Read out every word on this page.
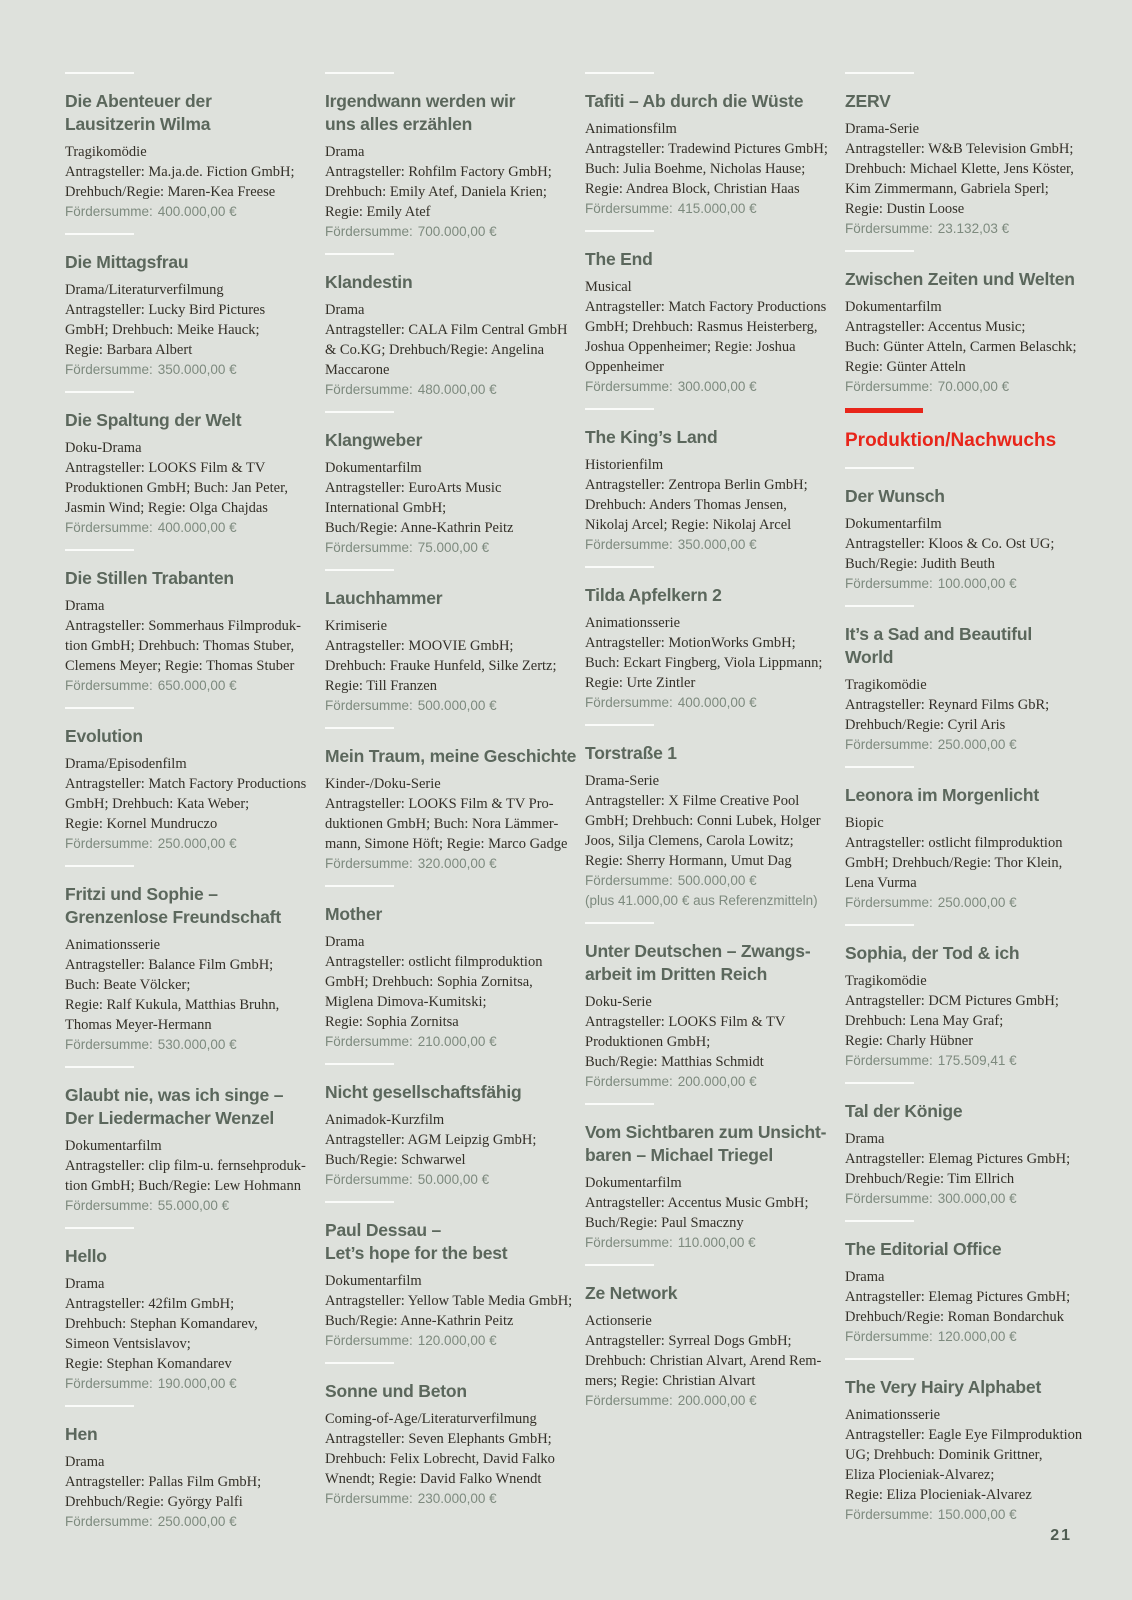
Die Abenteuer der
Lausitzerin Wilma
Tragikomödie
Antragsteller: Ma.ja.de. Fiction GmbH;
Drehbuch/Regie: Maren-Kea Freese
Fördersumme: 400.000,00 €
Die Mittagsfrau
Drama/Literaturverfilmung
Antragsteller: Lucky Bird Pictures
GmbH; Drehbuch: Meike Hauck;
Regie: Barbara Albert
Fördersumme: 350.000,00 €
Die Spaltung der Welt
Doku-Drama
Antragsteller: LOOKS Film & TV
Produktionen GmbH; Buch: Jan Peter,
Jasmin Wind; Regie: Olga Chajdas
Fördersumme: 400.000,00 €
Die Stillen Trabanten
Drama
Antragsteller: Sommerhaus Filmproduk-
tion GmbH; Drehbuch: Thomas Stuber,
Clemens Meyer; Regie: Thomas Stuber
Fördersumme: 650.000,00 €
Evolution
Drama/Episodenfilm
Antragsteller: Match Factory Productions
GmbH; Drehbuch: Kata Weber;
Regie: Kornel Mundruczo
Fördersumme: 250.000,00 €
Fritzi und Sophie –
Grenzenlose Freundschaft
Animationsserie
Antragsteller: Balance Film GmbH;
Buch: Beate Völcker;
Regie: Ralf Kukula, Matthias Bruhn,
Thomas Meyer-Hermann
Fördersumme: 530.000,00 €
Glaubt nie, was ich singe –
Der Liedermacher Wenzel
Dokumentarfilm
Antragsteller: clip film-u. fernsehproduk-
tion GmbH; Buch/Regie: Lew Hohmann
Fördersumme: 55.000,00 €
Hello
Drama
Antragsteller: 42film GmbH;
Drehbuch: Stephan Komandarev,
Simeon Ventsislavov;
Regie: Stephan Komandarev
Fördersumme: 190.000,00 €
Hen
Drama
Antragsteller: Pallas Film GmbH;
Drehbuch/Regie: György Palfi
Fördersumme: 250.000,00 €
Irgendwann werden wir
uns alles erzählen
Drama
Antragsteller: Rohfilm Factory GmbH;
Drehbuch: Emily Atef, Daniela Krien;
Regie: Emily Atef
Fördersumme: 700.000,00 €
Klandestin
Drama
Antragsteller: CALA Film Central GmbH
& Co.KG; Drehbuch/Regie: Angelina
Maccarone
Fördersumme: 480.000,00 €
Klangweber
Dokumentarfilm
Antragsteller: EuroArts Music
International GmbH;
Buch/Regie: Anne-Kathrin Peitz
Fördersumme: 75.000,00 €
Lauchhammer
Krimiserie
Antragsteller: MOOVIE GmbH;
Drehbuch: Frauke Hunfeld, Silke Zertz;
Regie: Till Franzen
Fördersumme: 500.000,00 €
Mein Traum, meine Geschichte
Kinder-/Doku-Serie
Antragsteller: LOOKS Film & TV Pro-
duktionen GmbH; Buch: Nora Lämmer-
mann, Simone Höft; Regie: Marco Gadge
Fördersumme: 320.000,00 €
Mother
Drama
Antragsteller: ostlicht filmproduktion
GmbH; Drehbuch: Sophia Zornitsa,
Miglena Dimova-Kumitski;
Regie: Sophia Zornitsa
Fördersumme: 210.000,00 €
Nicht gesellschaftsfähig
Animadok-Kurzfilm
Antragsteller: AGM Leipzig GmbH;
Buch/Regie: Schwarwel
Fördersumme: 50.000,00 €
Paul Dessau –
Let’s hope for the best
Dokumentarfilm
Antragsteller: Yellow Table Media GmbH;
Buch/Regie: Anne-Kathrin Peitz
Fördersumme: 120.000,00 €
Sonne und Beton
Coming-of-Age/Literaturverfilmung
Antragsteller: Seven Elephants GmbH;
Drehbuch: Felix Lobrecht, David Falko
Wnendt; Regie: David Falko Wnendt
Fördersumme: 230.000,00 €
Tafiti – Ab durch die Wüste
Animationsfilm
Antragsteller: Tradewind Pictures GmbH;
Buch: Julia Boehme, Nicholas Hause;
Regie: Andrea Block, Christian Haas
Fördersumme: 415.000,00 €
The End
Musical
Antragsteller: Match Factory Productions
GmbH; Drehbuch: Rasmus Heisterberg,
Joshua Oppenheimer; Regie: Joshua
Oppenheimer
Fördersumme: 300.000,00 €
The King’s Land
Historienfilm
Antragsteller: Zentropa Berlin GmbH;
Drehbuch: Anders Thomas Jensen,
Nikolaj Arcel; Regie: Nikolaj Arcel
Fördersumme: 350.000,00 €
Tilda Apfelkern 2
Animationsserie
Antragsteller: MotionWorks GmbH;
Buch: Eckart Fingberg, Viola Lippmann;
Regie: Urte Zintler
Fördersumme: 400.000,00 €
Torstraße 1
Drama-Serie
Antragsteller: X Filme Creative Pool
GmbH; Drehbuch: Conni Lubek, Holger
Joos, Silja Clemens, Carola Lowitz;
Regie: Sherry Hormann, Umut Dag
Fördersumme: 500.000,00 €
(plus 41.000,00 € aus Referenzmitteln)
Unter Deutschen – Zwangs-
arbeit im Dritten Reich
Doku-Serie
Antragsteller: LOOKS Film & TV
Produktionen GmbH;
Buch/Regie: Matthias Schmidt
Fördersumme: 200.000,00 €
Vom Sichtbaren zum Unsicht-
baren – Michael Triegel
Dokumentarfilm
Antragsteller: Accentus Music GmbH;
Buch/Regie: Paul Smaczny
Fördersumme: 110.000,00 €
Ze Network
Actionserie
Antragsteller: Syrreal Dogs GmbH;
Drehbuch: Christian Alvart, Arend Rem-
mers; Regie: Christian Alvart
Fördersumme: 200.000,00 €
ZERV
Drama-Serie
Antragsteller: W&B Television GmbH;
Drehbuch: Michael Klette, Jens Köster,
Kim Zimmermann, Gabriela Sperl;
Regie: Dustin Loose
Fördersumme: 23.132,03 €
Zwischen Zeiten und Welten
Dokumentarfilm
Antragsteller: Accentus Music;
Buch: Günter Atteln, Carmen Belaschk;
Regie: Günter Atteln
Fördersumme: 70.000,00 €
Produktion/Nachwuchs
Der Wunsch
Dokumentarfilm
Antragsteller: Kloos & Co. Ost UG;
Buch/Regie: Judith Beuth
Fördersumme: 100.000,00 €
It’s a Sad and Beautiful
World
Tragikomödie
Antragsteller: Reynard Films GbR;
Drehbuch/Regie: Cyril Aris
Fördersumme: 250.000,00 €
Leonora im Morgenlicht
Biopic
Antragsteller: ostlicht filmproduktion
GmbH; Drehbuch/Regie: Thor Klein,
Lena Vurma
Fördersumme: 250.000,00 €
Sophia, der Tod & ich
Tragikomödie
Antragsteller: DCM Pictures GmbH;
Drehbuch: Lena May Graf;
Regie: Charly Hübner
Fördersumme: 175.509,41 €
Tal der Könige
Drama
Antragsteller: Elemag Pictures GmbH;
Drehbuch/Regie: Tim Ellrich
Fördersumme: 300.000,00 €
The Editorial Office
Drama
Antragsteller: Elemag Pictures GmbH;
Drehbuch/Regie: Roman Bondarchuk
Fördersumme: 120.000,00 €
The Very Hairy Alphabet
Animationsserie
Antragsteller: Eagle Eye Filmproduktion
UG; Drehbuch: Dominik Grittner,
Eliza Plocieniak-Alvarez;
Regie: Eliza Plocieniak-Alvarez
Fördersumme: 150.000,00 €
21
